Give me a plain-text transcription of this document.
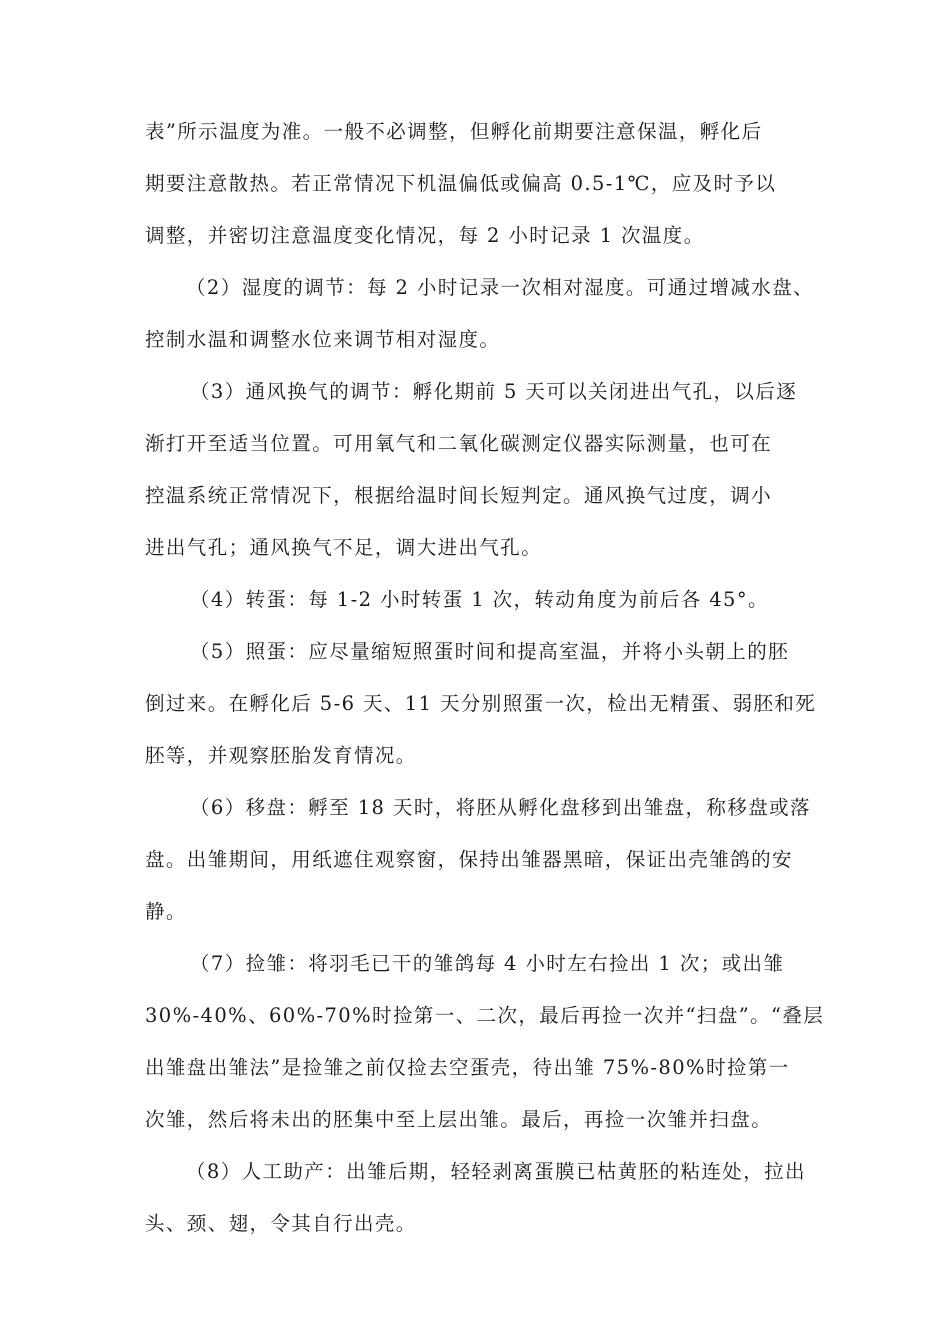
表”所示温度为准。一般不必调整，但孵化前期要注意保温，孵化后
期要注意散热。若正常情况下机温偏低或偏高 0.5-1℃，应及时予以
调整，并密切注意温度变化情况，每 2 小时记录 1 次温度。
（2）湿度的调节：每 2 小时记录一次相对湿度。可通过增减水盘、
控制水温和调整水位来调节相对湿度。
（3）通风换气的调节：孵化期前 5 天可以关闭进出气孔，以后逐
渐打开至适当位置。可用氧气和二氧化碳测定仪器实际测量，也可在
控温系统正常情况下，根据给温时间长短判定。通风换气过度，调小
进出气孔；通风换气不足，调大进出气孔。
（4）转蛋：每 1-2 小时转蛋 1 次，转动角度为前后各 45°。
（5）照蛋：应尽量缩短照蛋时间和提高室温，并将小头朝上的胚
倒过来。在孵化后 5-6 天、11 天分别照蛋一次，检出无精蛋、弱胚和死
胚等，并观察胚胎发育情况。
（6）移盘：孵至 18 天时，将胚从孵化盘移到出雏盘，称移盘或落
盘。出雏期间，用纸遮住观察窗，保持出雏器黑暗，保证出壳雏鸽的安
静。
（7）捡雏：将羽毛已干的雏鸽每 4 小时左右捡出 1 次；或出雏
30%-40%、60%-70%时捡第一、二次，最后再捡一次并“扫盘”。“叠层
出雏盘出雏法”是捡雏之前仅捡去空蛋壳，待出雏 75%-80%时捡第一
次雏，然后将未出的胚集中至上层出雏。最后，再捡一次雏并扫盘。
（8）人工助产：出雏后期，轻轻剥离蛋膜已枯黄胚的粘连处，拉出
头、颈、翅，令其自行出壳。
